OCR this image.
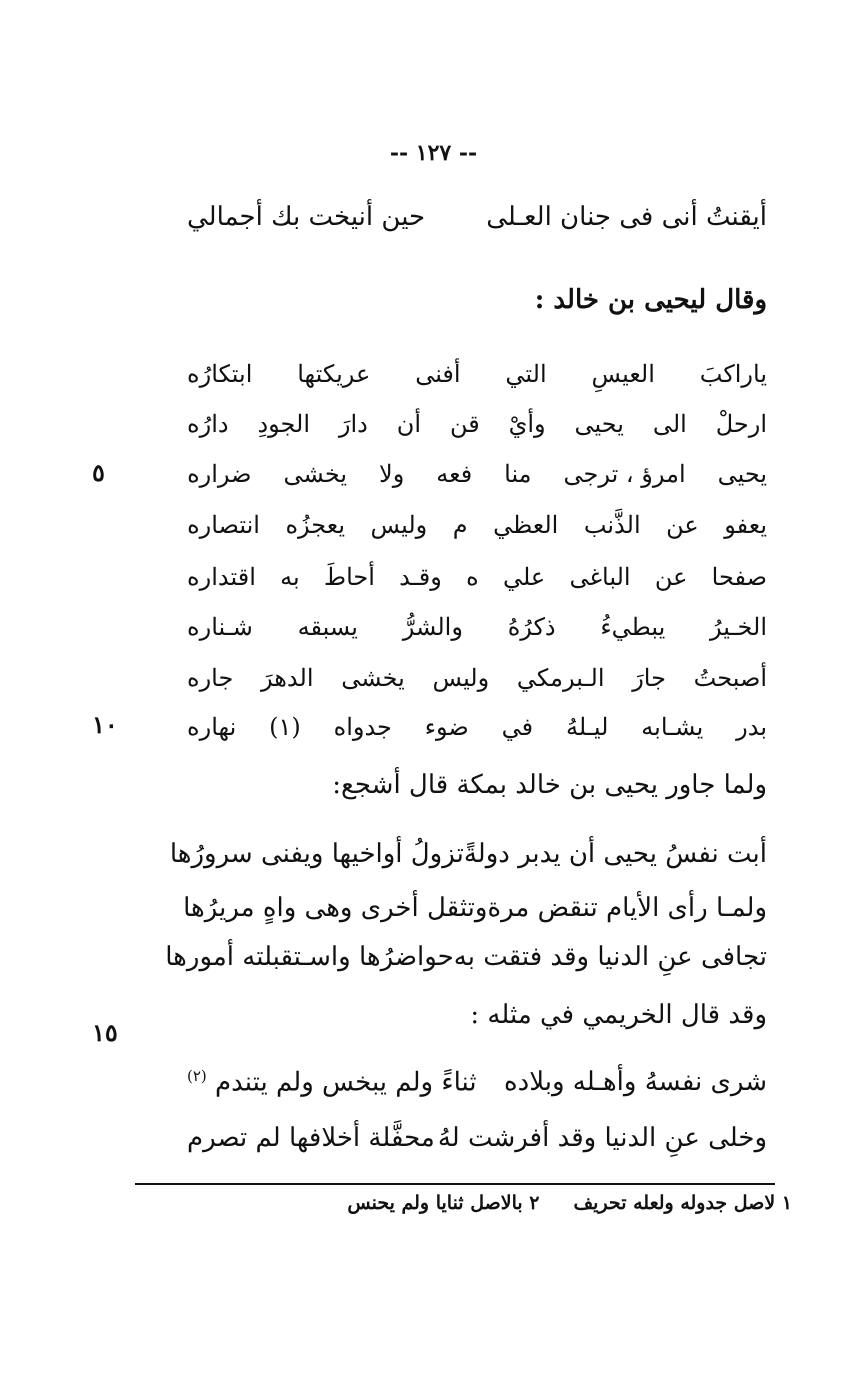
-- ١٢٧ --
أيقنتُ أنى فى جنان العـلى
حين أنيخت بك أجمالي
وقال ليحيى بن خالد :
ياراكبَ
العيسِ
التي
أفنى
عريكتها
ابتكارُه
ارحلْ
الى
يحيى
وأيْ
قن
أن
دارَ
الجودِ
دارُه
يحيى
امرؤ ، ترجى
منا
فعه
ولا
يخشى
ضراره
يعفو
عن
الذَّنب
العظي
م
وليس
يعجزُه
انتصاره
صفحا
عن
الباغى
علي
ه
وقـد
أحاطَ
به
اقتداره
الخـيرُ
يبطيءُ
ذكرُهُ
والشرُّ
يسبقه
شـناره
أصبحتُ
جارَ
الـبرمكي
وليس
يخشى
الدهرَ
جاره
بدر
يشـابه
ليـلهُ
في
ضوء
جدواه
(١)
نهاره
٥
١٠
١٥
ولما جاور يحيى بن خالد بمكة قال أشجع:
أبت نفسُ يحيى أن يدبر دولةً
تزولُ أواخيها ويفنى سرورُها
ولمـا رأى الأيام تنقض مرة
وتثقل أخرى وهى واهٍ مريرُها
تجافى عنِ الدنيا وقد فتقت به
حواضرُها واسـتقبلته أمورها
وقد قال الخريمي في مثله :
شرى نفسهُ وأهـله وبلاده
ثناءً ولم يبخس ولم يتندم $^{(٢)}$
وخلى عنِ الدنيا وقد أفرشت لهُ
محفَّلة أخلافها لم تصرم
١ لاصل جدوله ولعله تحريف٢ بالاصل ثنايا ولم يحنس
